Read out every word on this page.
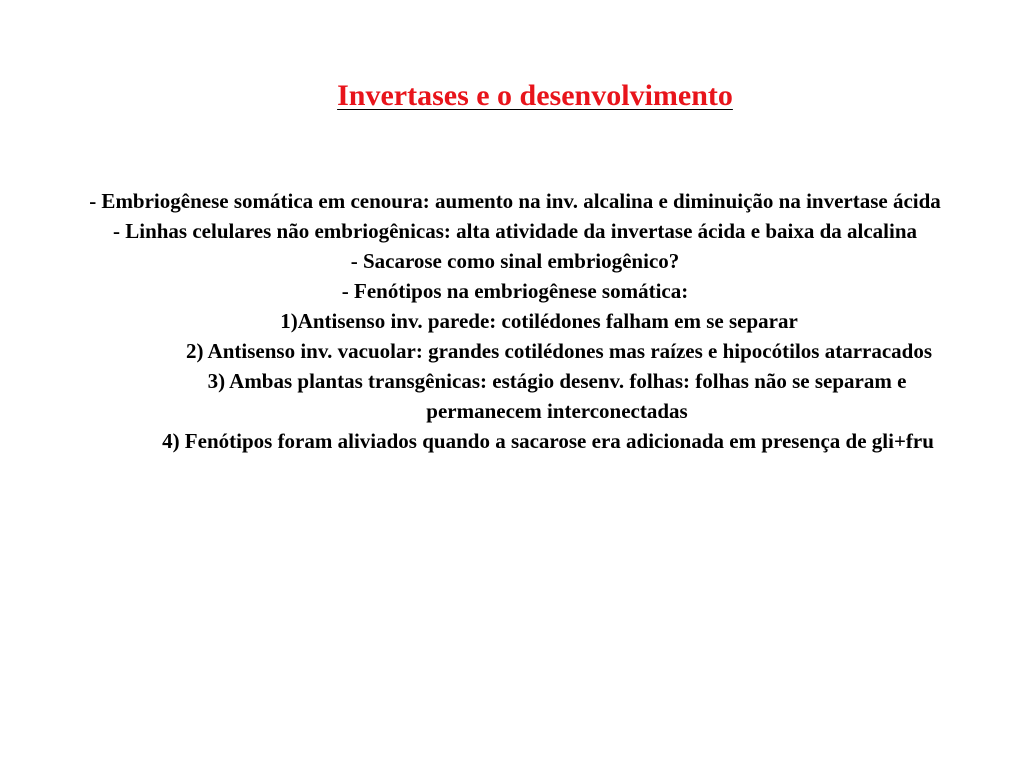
Invertases e o desenvolvimento
- Embriogênese somática em cenoura: aumento na inv. alcalina e diminuição na invertase ácida
- Linhas celulares não embriogênicas: alta atividade da invertase ácida e baixa da alcalina
- Sacarose como sinal embriogênico?
- Fenótipos na embriogênese somática:
1)Antisenso inv. parede: cotilédones falham em se separar
2) Antisenso inv. vacuolar: grandes cotilédones mas raízes e hipocótilos atarracados
3) Ambas plantas transgênicas: estágio desenv. folhas: folhas não se separam e        permanecem interconectadas
4) Fenótipos foram aliviados quando a sacarose era adicionada em presença de gli+fru
